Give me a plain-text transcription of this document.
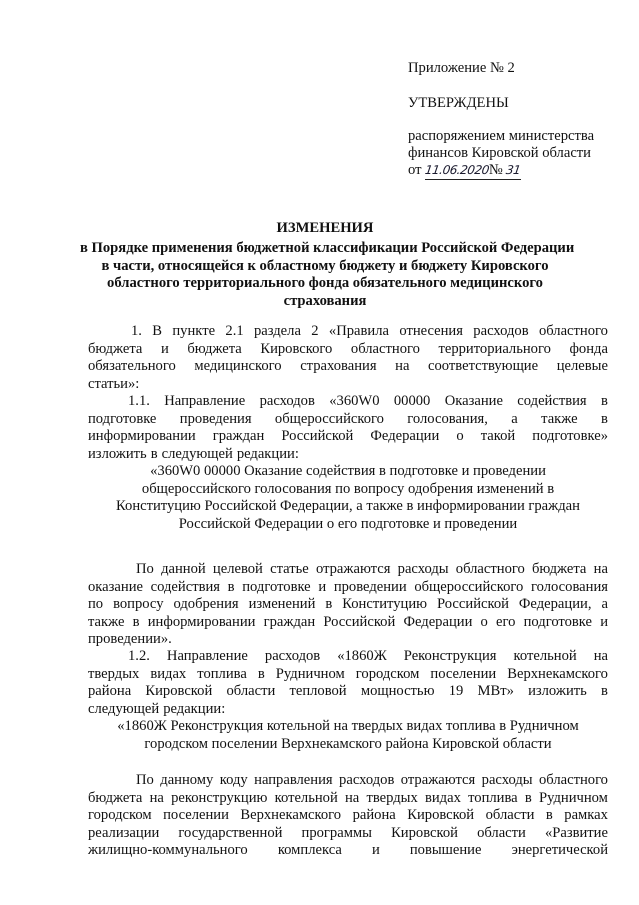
Приложение № 2
УТВЕРЖДЕНЫ
распоряжением министерства
финансов Кировской области
от 11.06.2020№ 31
ИЗМЕНЕНИЯ
в Порядке применения бюджетной классификации Российской Федерации
в части, относящейся к областному бюджету и бюджету Кировского
областного территориального фонда обязательного медицинского
страхования
1. В пункте 2.1 раздела 2 «Правила отнесения расходов областного
бюджета и бюджета Кировского областного территориального фонда
обязательного медицинского страхования на соответствующие целевые
статьи»:
1.1. Направление расходов «360W0 00000 Оказание содействия в
подготовке проведения общероссийского голосования, а также в
информировании граждан Российской Федерации о такой подготовке»
изложить в следующей редакции:
«360W0 00000 Оказание содействия в подготовке и проведении
общероссийского голосования по вопросу одобрения изменений в
Конституцию Российской Федерации, а также в информировании граждан
Российской Федерации о его подготовке и проведении
По данной целевой статье отражаются расходы областного бюджета на
оказание содействия в подготовке и проведении общероссийского голосования
по вопросу одобрения изменений в Конституцию Российской Федерации, а
также в информировании граждан Российской Федерации о его подготовке и
проведении».
1.2. Направление расходов «1860Ж Реконструкция котельной на
твердых видах топлива в Рудничном городском поселении Верхнекамского
района Кировской области тепловой мощностью 19 МВт» изложить в
следующей редакции:
«1860Ж Реконструкция котельной на твердых видах топлива в Рудничном
городском поселении Верхнекамского района Кировской области
По данному коду направления расходов отражаются расходы областного
бюджета на реконструкцию котельной на твердых видах топлива в Рудничном
городском поселении Верхнекамского района Кировской области в рамках
реализации государственной программы Кировской области «Развитие
жилищно-коммунального комплекса и повышение энергетической
